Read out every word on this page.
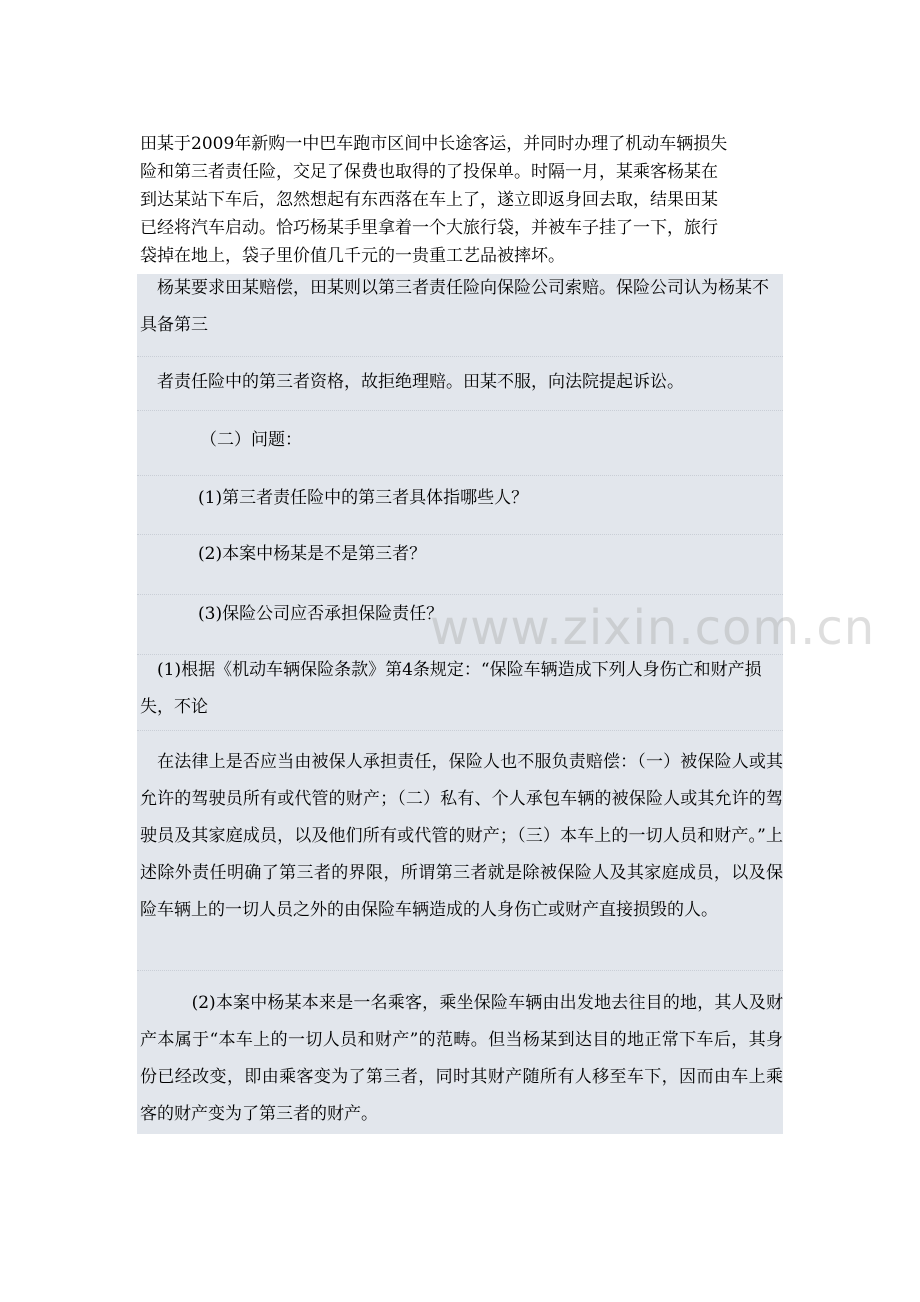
田某于2009年新购一中巴车跑市区间中长途客运，并同时办理了机动车辆损失

险和第三者责任险，交足了保费也取得的了投保单。时隔一月，某乘客杨某在

到达某站下车后，忽然想起有东西落在车上了，遂立即返身回去取，结果田某

已经将汽车启动。恰巧杨某手里拿着一个大旅行袋，并被车子挂了一下，旅行

袋掉在地上，袋子里价值几千元的一贵重工艺品被摔坏。

　杨某要求田某赔偿，田某则以第三者责任险向保险公司索赔。保险公司认为杨某不具备第三

　者责任险中的第三者资格，故拒绝理赔。田某不服，向法院提起诉讼。

（二）问题：

(1)第三者责任险中的第三者具体指哪些人？

(2)本案中杨某是不是第三者？

(3)保险公司应否承担保险责任？

www.zixin.com.cn

　(1)根据《机动车辆保险条款》第4条规定：“保险车辆造成下列人身伤亡和财产损失，不论

　在法律上是否应当由被保人承担责任，保险人也不服负责赔偿：（一）被保险人或其允许的驾驶员所有或代管的财产；（二）私有、个人承包车辆的被保险人或其允许的驾驶员及其家庭成员，以及他们所有或代管的财产；（三）本车上的一切人员和财产。”上述除外责任明确了第三者的界限，所谓第三者就是除被保险人及其家庭成员，以及保险车辆上的一切人员之外的由保险车辆造成的人身伤亡或财产直接损毁的人。

　　　(2)本案中杨某本来是一名乘客，乘坐保险车辆由出发地去往目的地，其人及财产本属于“本车上的一切人员和财产”的范畴。但当杨某到达目的地正常下车后，其身份已经改变，即由乘客变为了第三者，同时其财产随所有人移至车下，因而由车上乘客的财产变为了第三者的财产。
